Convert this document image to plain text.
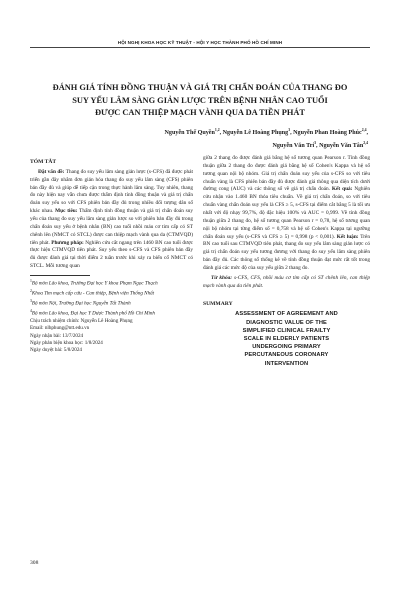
HỘI NGHỊ KHOA HỌC KỸ THUẬT - HỘI Y HỌC THÀNH PHỐ HỒ CHÍ MINH
ĐÁNH GIÁ TÍNH ĐỒNG THUẬN VÀ GIÁ TRỊ CHẨN ĐOÁN CỦA THANG ĐO
SUY YẾU LÂM SÀNG GIẢN LƯỢC TRÊN BỆNH NHÂN CAO TUỔI
ĐƯỢC CAN THIỆP MẠCH VÀNH QUA DA TIỀN PHÁT
Nguyễn Thế Quyền$^{1,2}$, Nguyễn Lê Hoàng Phụng$^3$, Nguyễn Phan Hoàng Phúc$^{2,4}$,
Nguyễn Văn Trí$^3$, Nguyễn Văn Tân$^{2,4}$
TÓM TẮT

Đặt vấn đề: Thang đo suy yếu lâm sàng giản lược (s-CFS) đã được phát triển gần đây nhằm đơn giản hóa thang đo suy yếu lâm sàng (CFS) phiên bản đầy đủ và giúp dễ tiếp cận trong thực hành lâm sàng. Tuy nhiên, thang đo này hiện nay vẫn chưa được thẩm định tính đồng thuận và giá trị chẩn đoán suy yếu so với CFS phiên bản đầy đủ trong nhiều đối tượng dân số khác nhau. Mục tiêu: Thẩm định tính đồng thuận và giá trị chẩn đoán suy yếu của thang đo suy yếu lâm sàng giản lược so với phiên bản đầy đủ trong chẩn đoán suy yếu ở bệnh nhân (BN) cao tuổi nhồi máu cơ tim cấp có ST chênh lên (NMCT có STCL) được can thiệp mạch vành qua da (CTMVQD) tiên phát. Phương pháp: Nghiên cứu cắt ngang trên 1460 BN cao tuổi được thực hiện CTMVQD tiên phát. Suy yếu theo s-CFS và CFS phiên bản đầy đủ được đánh giá tại thời điểm 2 tuần trước khi xảy ra biến cố NMCT có STCL. Mỗi tương quan

$^1$Bộ môn Lão khoa, Trường Đại học Y khoa Phạm Ngọc Thạch
$^2$Khoa Tim mạch cấp cứu - Can thiệp, Bệnh viện Thống Nhất
$^3$Bộ môn Nội, Trường Đại học Nguyễn Tất Thành
$^4$Bộ môn Lão khoa, Đại học Y Dược Thành phố Hồ Chí Minh
Chịu trách nhiệm chính: Nguyễn Lê Hoàng Phụng
Email: nlhphung@ntt.edu.vn
Ngày nhận bài: 13/7/2024
Ngày phản biện khoa học: 1/8/2024
Ngày duyệt bài: 5/8/2024

giữa 2 thang đo được đánh giá bằng hệ số tương quan Pearson r. Tính đồng thuận giữa 2 thang đo được đánh giá bằng hệ số Cohen's Kappa và hệ số tương quan nội bộ nhóm. Giá trị chẩn đoán suy yếu của s-CFS so với tiêu chuẩn vàng là CFS phiên bản đầy đủ được đánh giá thông qua diện tích dưới đường cong (AUC) và các thông số về giá trị chẩn đoán. Kết quả: Nghiên cứu nhận vào 1.460 BN thỏa tiêu chuẩn. Về giá trị chẩn đoán, so với tiêu chuẩn vàng chẩn đoán suy yếu là CFS ≥ 5, s-CFS tại điểm cắt bằng 5 là tối ưu nhất với độ nhạy 99,7%, độ đặc hiệu 100% và AUC = 0,999. Về tính đồng thuận giữa 2 thang đo, hệ số tương quan Pearson r = 0,78, hệ số tương quan nội bộ nhóm tại từng điểm số = 0,758 và hệ số Cohen's Kappa tại ngưỡng chẩn đoán suy yếu (s-CFS và CFS ≥ 5) = 0,998 (p < 0,001). Kết luận: Trên BN cao tuổi sau CTMVQD tiên phát, thang đo suy yếu lâm sàng giản lược có giá trị chẩn đoán suy yếu tương đương với thang đo suy yếu lâm sàng phiên bản đầy đủ. Các thông số thống kê về tính đồng thuận đạt mức rất tốt trong đánh giá các mức độ của suy yếu giữa 2 thang đo.

Từ khóa: s-CFS, CFS, nhồi máu cơ tim cấp có ST chênh lên, can thiệp mạch vành qua da tiên phát.

SUMMARY
ASSESSMENT OF AGREEMENT AND
DIAGNOSTIC VALUE OF THE
SIMPLIFIED CLINICAL FRAILTY
SCALE IN ELDERLY PATIENTS
UNDERGOING PRIMARY
PERCUTANEOUS CORONARY
INTERVENTION
308
